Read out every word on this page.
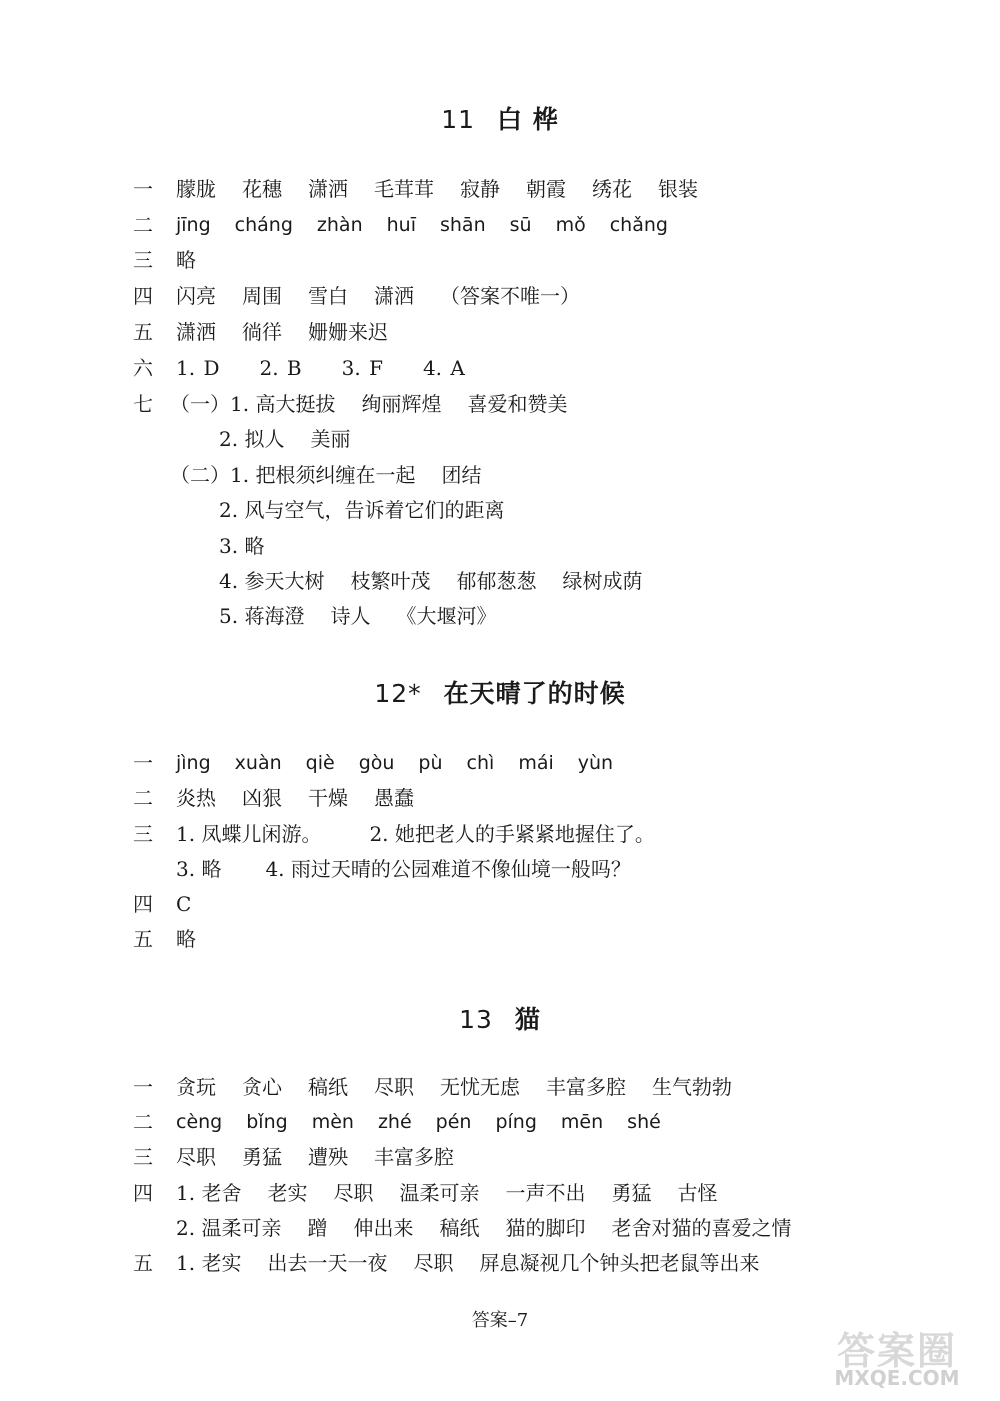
11 白 桦
一 朦胧 花穗 潇洒 毛茸茸 寂静 朝霞 绣花 银装
二 jīng cháng zhàn huī shān sū mǒ chǎng
三 略
四 闪亮 周围 雪白 潇洒 （答案不唯一）
五 潇洒 徜徉 姗姗来迟
六 1. D 2. B 3. F 4. A
七 （一）1. 高大挺拔 绚丽辉煌 喜爱和赞美
2. 拟人 美丽
（二）1. 把根须纠缠在一起 团结
2. 风与空气，告诉着它们的距离
3. 略
4. 参天大树 枝繁叶茂 郁郁葱葱 绿树成荫
5. 蒋海澄 诗人 《大堰河》
12* 在天晴了的时候
一 jìng xuàn qiè gòu pù chì mái yùn
二 炎热 凶狠 干燥 愚蠢
三 1. 凤蝶儿闲游。 2. 她把老人的手紧紧地握住了。
3. 略 4. 雨过天晴的公园难道不像仙境一般吗？
四 C
五 略
13 猫
一 贪玩 贪心 稿纸 尽职 无忧无虑 丰富多腔 生气勃勃
二 cèng bǐng mèn zhé pén píng mēn shé
三 尽职 勇猛 遭殃 丰富多腔
四 1. 老舍 老实 尽职 温柔可亲 一声不出 勇猛 古怪
2. 温柔可亲 蹭 伸出来 稿纸 猫的脚印 老舍对猫的喜爱之情
五 1. 老实 出去一天一夜 尽职 屏息凝视几个钟头把老鼠等出来
答案–7
答案圈
MXQE.COM
